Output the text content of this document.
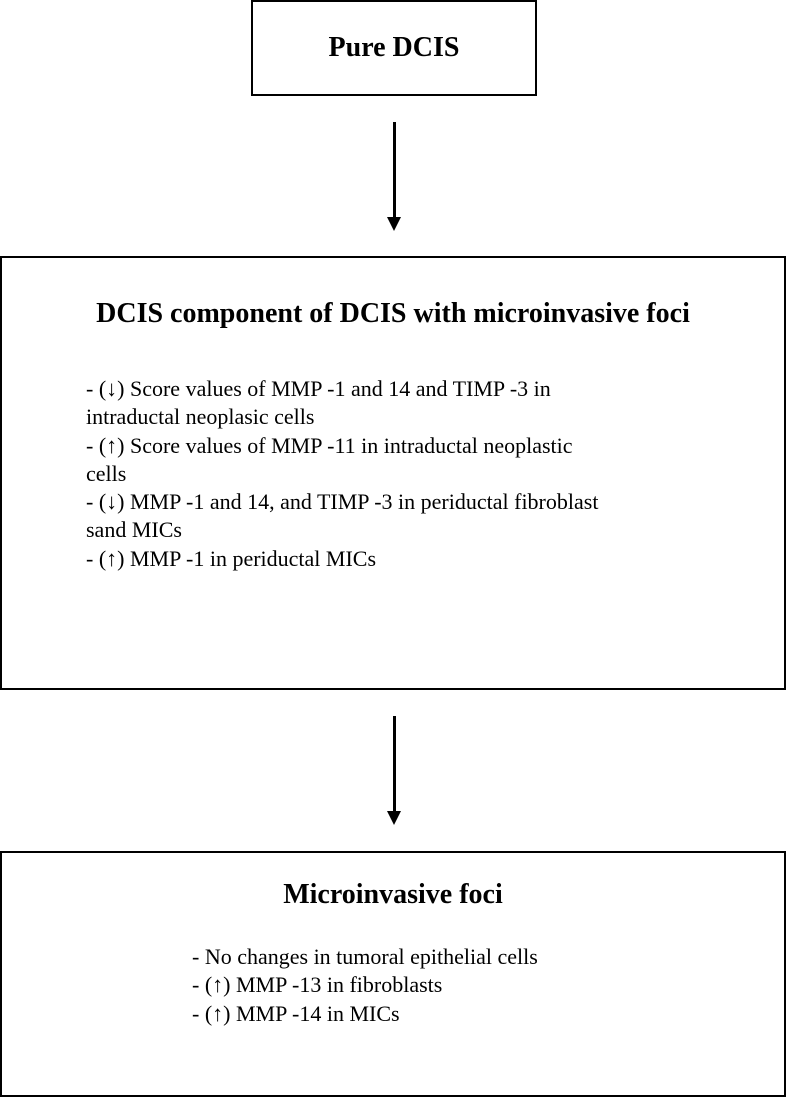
Pure DCIS
DCIS component of DCIS with microinvasive foci
- (↓) Score values of MMP -1 and 14 and TIMP -3 in
intraductal neoplasic cells
- (↑) Score values of MMP -11 in intraductal neoplastic
cells
- (↓) MMP -1 and 14, and TIMP -3 in periductal fibroblast
sand MICs
- (↑) MMP -1 in periductal MICs
Microinvasive foci
- No changes in tumoral epithelial cells
- (↑) MMP -13 in fibroblasts
- (↑) MMP -14 in MICs
